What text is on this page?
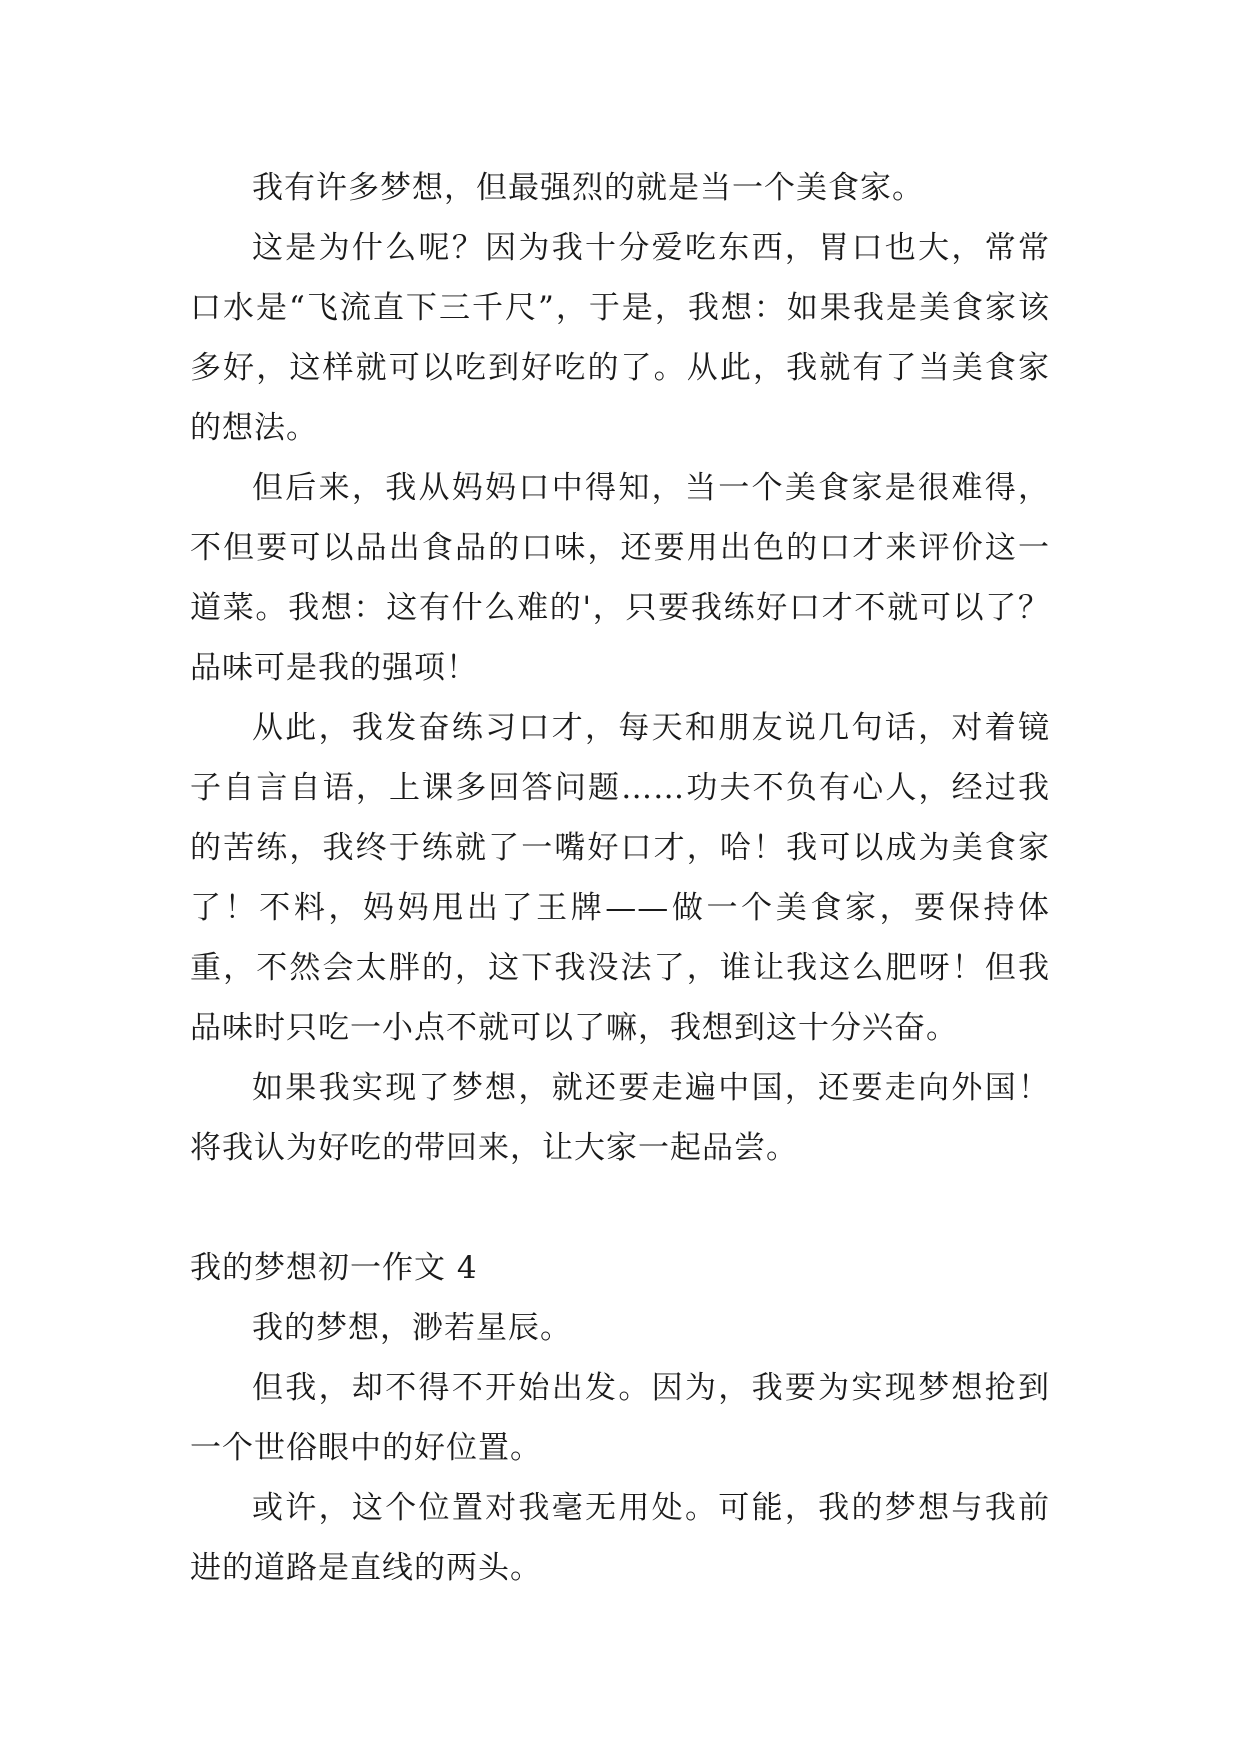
我有许多梦想，但最强烈的就是当一个美食家。

这是为什么呢？因为我十分爱吃东西，胃口也大，常常口水是“飞流直下三千尺”，于是，我想：如果我是美食家该多好，这样就可以吃到好吃的了。从此，我就有了当美食家的想法。

但后来，我从妈妈口中得知，当一个美食家是很难得，不但要可以品出食品的口味，还要用出色的口才来评价这一道菜。我想：这有什么难的'，只要我练好口才不就可以了？品味可是我的强项！

从此，我发奋练习口才，每天和朋友说几句话，对着镜子自言自语，上课多回答问题……功夫不负有心人，经过我的苦练，我终于练就了一嘴好口才，哈！我可以成为美食家了！不料，妈妈甩出了王牌——做一个美食家，要保持体重，不然会太胖的，这下我没法了，谁让我这么肥呀！但我品味时只吃一小点不就可以了嘛，我想到这十分兴奋。

如果我实现了梦想，就还要走遍中国，还要走向外国！将我认为好吃的带回来，让大家一起品尝。

我的梦想初一作文 4

我的梦想，渺若星辰。

但我，却不得不开始出发。因为，我要为实现梦想抢到一个世俗眼中的好位置。

或许，这个位置对我毫无用处。可能，我的梦想与我前进的道路是直线的两头。
